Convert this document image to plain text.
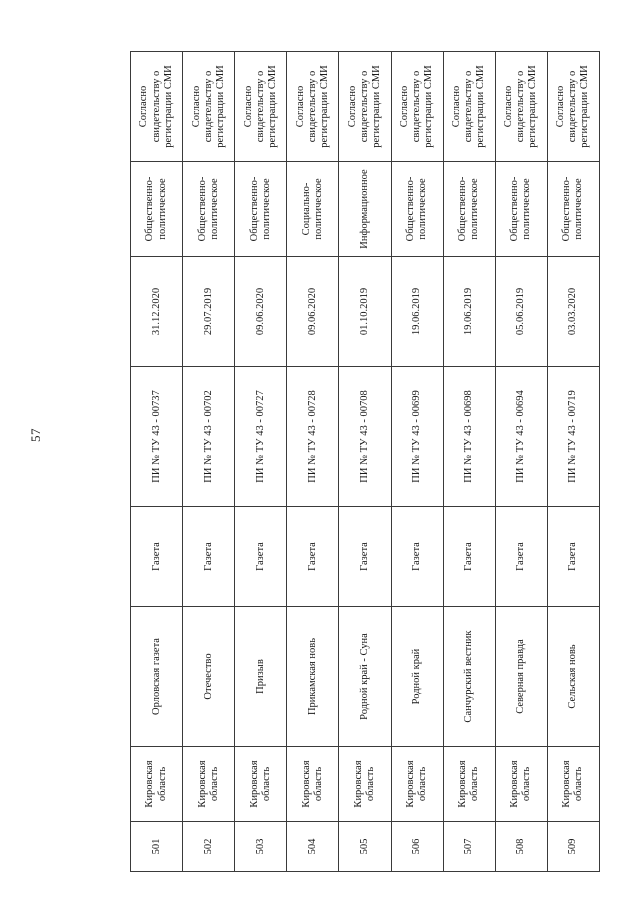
57
501	Кировская область	Орловская газета	Газета	ПИ № ТУ 43 - 00737	31.12.2020	Общественно-политическое	Согласно свидетельству о регистрации СМИ
502	Кировская область	Отечество	Газета	ПИ № ТУ 43 - 00702	29.07.2019	Общественно-политическое	Согласно свидетельству о регистрации СМИ
503	Кировская область	Призыв	Газета	ПИ № ТУ 43 - 00727	09.06.2020	Общественно-политическое	Согласно свидетельству о регистрации СМИ
504	Кировская область	Прикамская новь	Газета	ПИ № ТУ 43 - 00728	09.06.2020	Социально-политическое	Согласно свидетельству о регистрации СМИ
505	Кировская область	Родной край - Суна	Газета	ПИ № ТУ 43 - 00708	01.10.2019	Информационное	Согласно свидетельству о регистрации СМИ
506	Кировская область	Родной край	Газета	ПИ № ТУ 43 - 00699	19.06.2019	Общественно-политическое	Согласно свидетельству о регистрации СМИ
507	Кировская область	Санчурский вестник	Газета	ПИ № ТУ 43 - 00698	19.06.2019	Общественно-политическое	Согласно свидетельству о регистрации СМИ
508	Кировская область	Северная правда	Газета	ПИ № ТУ 43 - 00694	05.06.2019	Общественно-политическое	Согласно свидетельству о регистрации СМИ
509	Кировская область	Сельская новь	Газета	ПИ № ТУ 43 - 00719	03.03.2020	Общественно-политическое	Согласно свидетельству о регистрации СМИ
